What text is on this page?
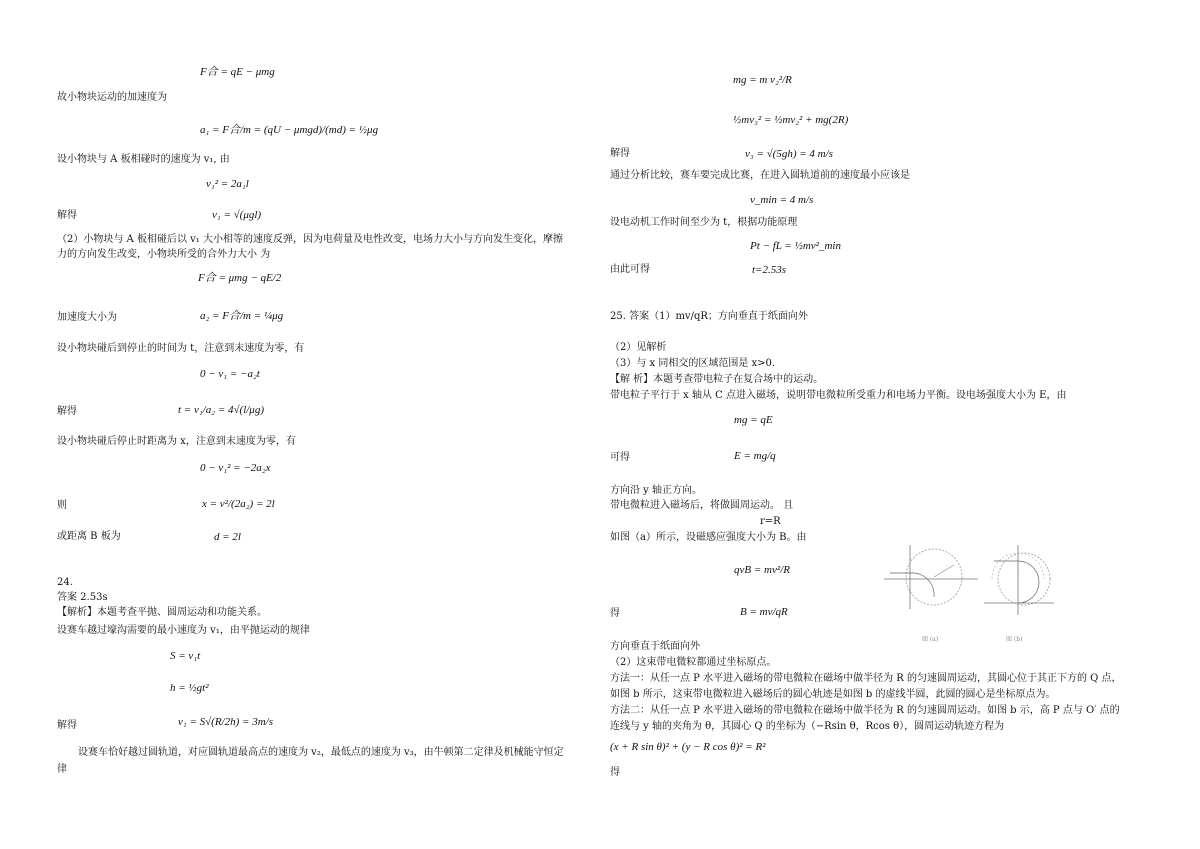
F合 = qE − μmg
故小物块运动的加速度为
a₁ = F合/m = (qU − μmgd)/(md) = ½μg
设小物块与 A 板相碰时的速度为 v₁, 由
v₁² = 2a₁l
解得	v₁ = √(μgl)
（2）小物块与 A 板相碰后以 v₁ 大小相等的速度反弹，因为电荷量及电性改变，电场力大小与方向发生变化，摩擦
力的方向发生改变，小物块所受的合外力大小 为
F合 = μmg − qE/2
加速度大小为	a₂ = F合/m = ¼μg
设小物块碰后到停止的时间为 t，注意到末速度为零，有
0 − v₁ = −a₂t
解得	t = v₁/a₂ = 4√(l/μg)
设小物块碰后停止时距离为 x，注意到末速度为零，有
0 − v₁² = −2a₂x
则	x = v²/(2a₂) = 2l
或距离 B 板为	d = 2l
24.
答案 2.53s
【解析】本题考查平抛、圆周运动和功能关系。
设赛车越过壕沟需要的最小速度为 v₁，由平抛运动的规律
S = v₁t
h = ½gt²
解得	v₁ = S√(R/2h) = 3m/s
设赛车恰好越过圆轨道，对应圆轨道最高点的速度为 v₂，最低点的速度为 v₃，由牛顿第二定律及机械能守恒定
律
mg = m v₂²/R
½mv₃² = ½mv₂² + mg(2R)
解得	v₃ = √(5gh) = 4 m/s
通过分析比较，赛车要完成比赛，在进入圆轨道前的速度最小应该是
v_min = 4 m/s
设电动机工作时间至少为 t，根据功能原理
Pt − fL = ½mv²_min
由此可得	t=2.53s
25. 答案（1）mv/qR；方向垂直于纸面向外
（2）见解析
（3）与 x 同相交的区域范围是 x>0.
【解 析】本题考查带电粒子在复合场中的运动。
带电粒子平行于 x 轴从 C 点进入磁场，说明带电微粒所受重力和电场力平衡。设电场强度大小为 E，由
mg = qE
可得	E = mg/q
方向沿 y 轴正方向。
带电微粒进入磁场后，将做圆周运动。 且
r=R
如图（a）所示，设磁感应强度大小为 B。由
qvB = mv²/R
得	B = mv/qR
方向垂直于纸面向外
（2）这束带电微粒都通过坐标原点。
方法一：从任一点 P 水平进入磁场的带电微粒在磁场中做半径为 R 的匀速圆周运动，其圆心位于其正下方的 Q 点，
如图 b 所示，这束带电微粒进入磁场后的圆心轨迹是如图 b 的虚线半圆，此圆的圆心是坐标原点为。
方法二：从任一点 P 水平进入磁场的带电微粒在磁场中做半径为 R 的匀速圆周运动。如图 b 示，高 P 点与 O′ 点的
连线与 y 轴的夹角为 θ，其圆心 Q 的坐标为（−Rsin θ，Rcos θ），圆周运动轨迹方程为
(x + R sin θ)² + (y − R cos θ)² = R²
得
图 (a)	图 (b)
